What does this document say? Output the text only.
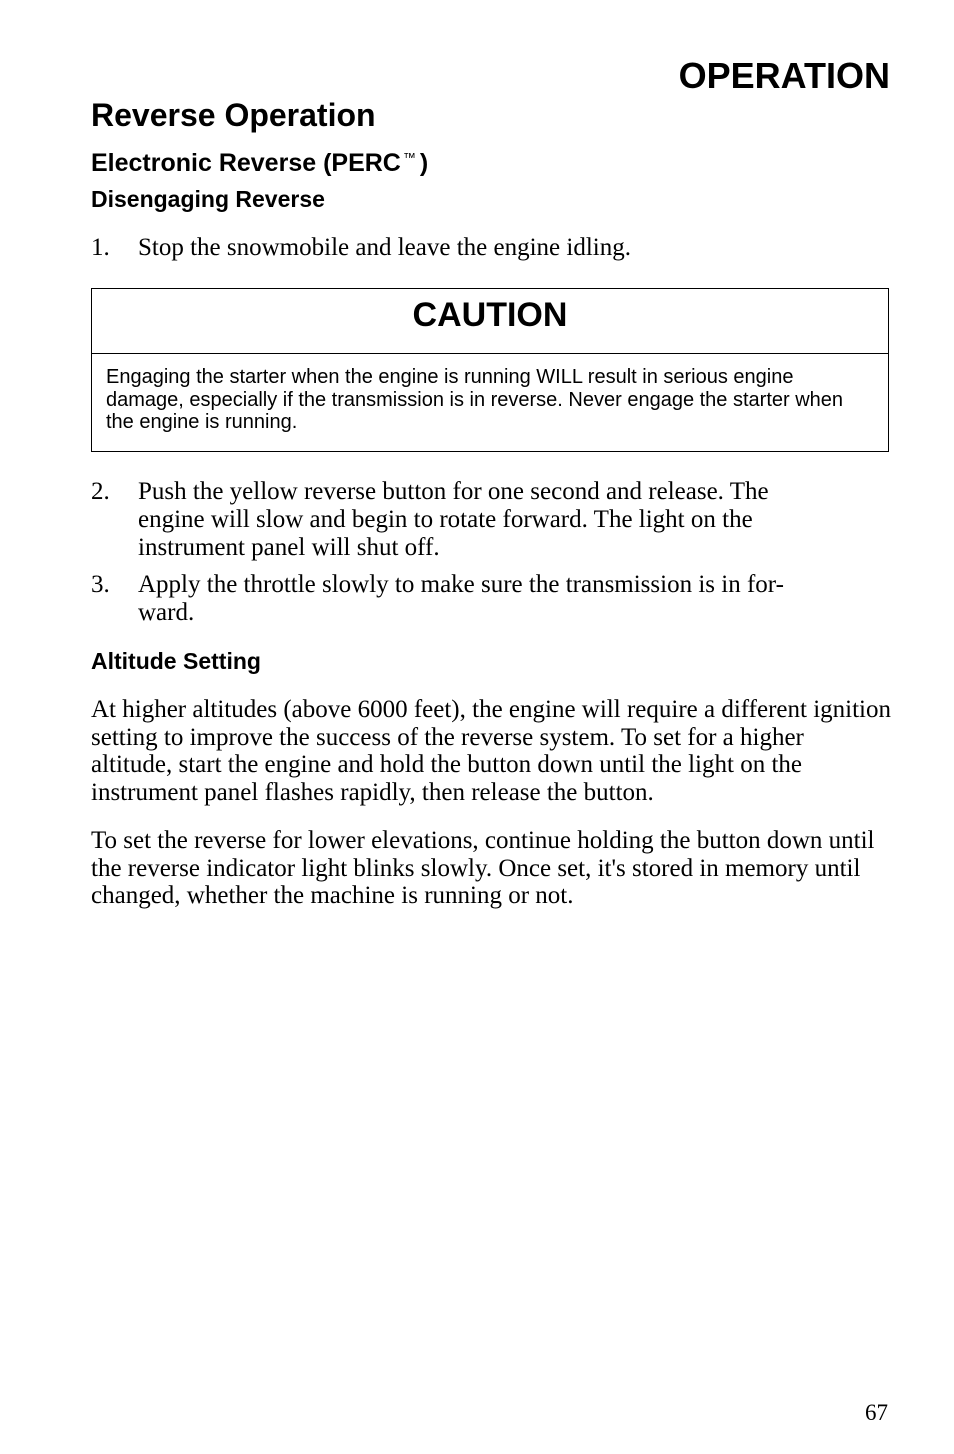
OPERATION
Reverse Operation
Electronic Reverse (PERC ™ )
Disengaging Reverse
1.	Stop the snowmobile and leave the engine idling.
CAUTION
Engaging the starter when the engine is running WILL result in serious engine damage, especially if the transmission is in reverse. Never engage the starter when the engine is running.
2.	Push the yellow reverse button for one second and release. The
engine will slow and begin to rotate forward. The light on the
instrument panel will shut off.
3.	Apply the throttle slowly to make sure the transmission is in for-
ward.
Altitude Setting

At higher altitudes (above 6000 feet), the engine will require a different ignition setting to improve the success of the reverse system. To set for a higher altitude, start the engine and hold the button down until the light on the instrument panel flashes rapidly, then release the button.

To set the reverse for lower elevations, continue holding the button down until the reverse indicator light blinks slowly. Once set, it's stored in memory until changed, whether the machine is running or not.

67
